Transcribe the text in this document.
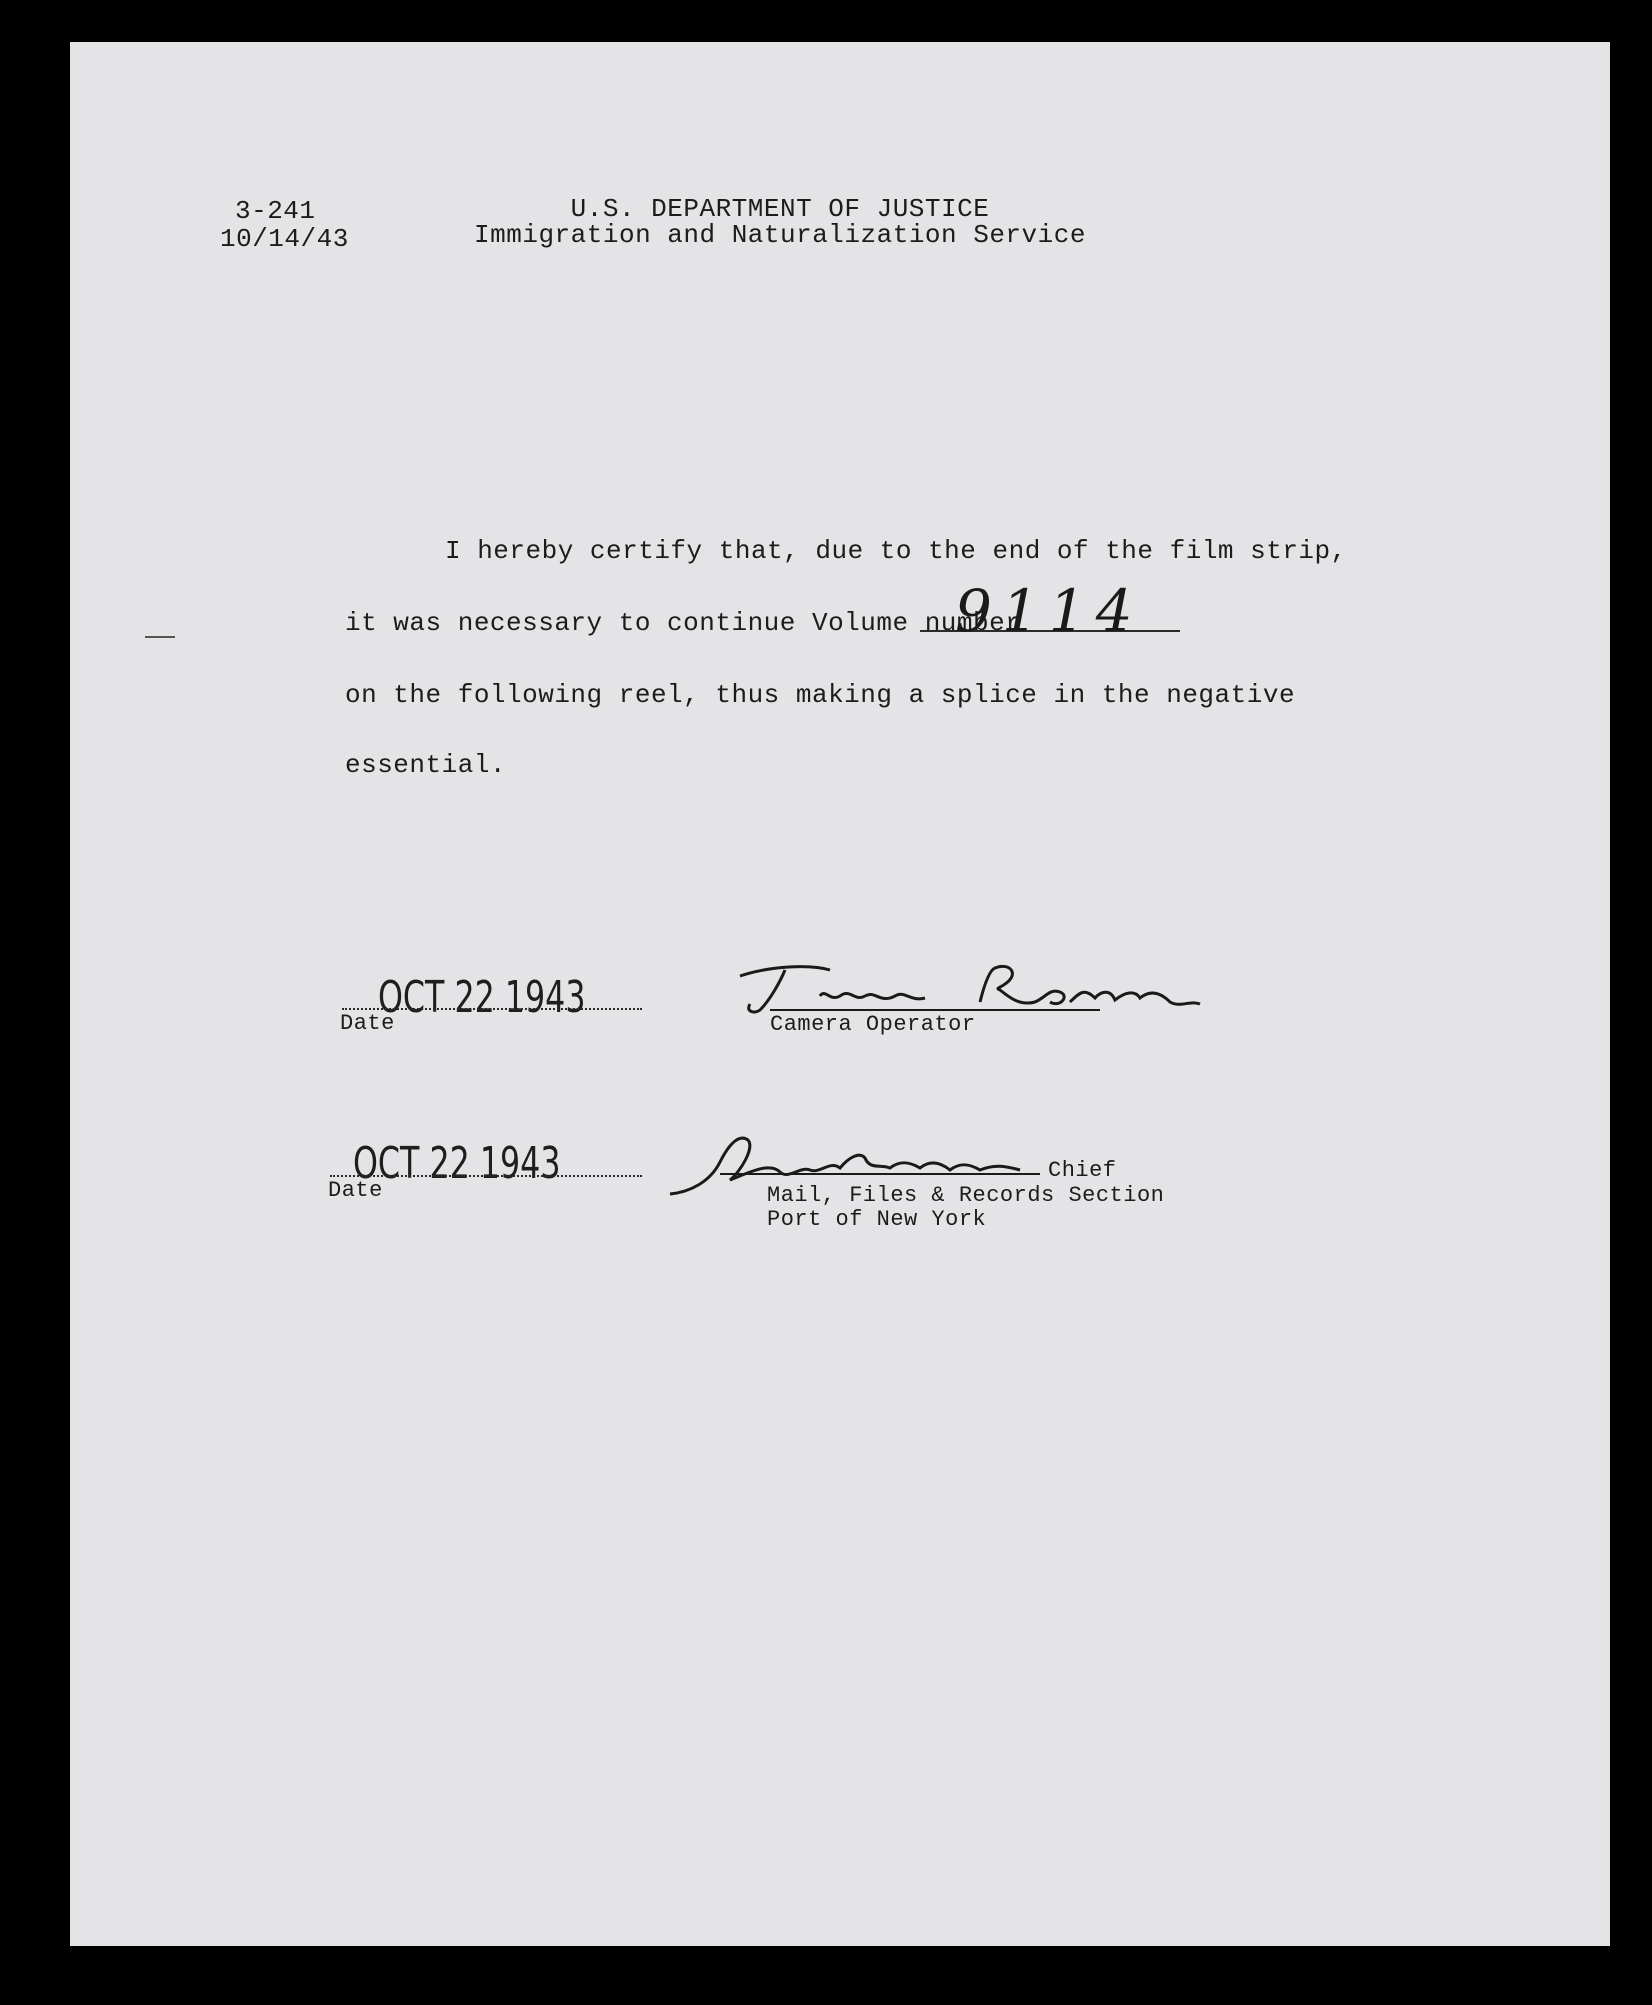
3-241
10/14/43
U.S. DEPARTMENT OF JUSTICE
Immigration and Naturalization Service
I hereby certify that, due to the end of the film strip,
it was necessary to continue Volume number
9114
on the following reel, thus making a splice in the negative
essential.
OCT 22 1943
Date	Camera Operator
OCT 22 1943
Date
Chief
Mail, Files & Records Section
Port of New York
